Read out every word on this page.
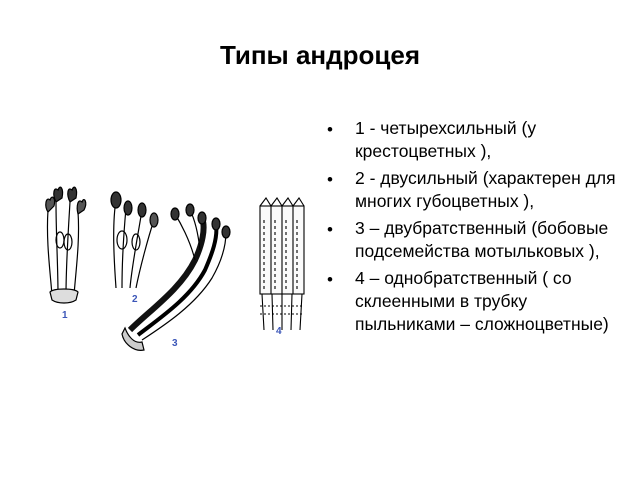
Типы андроцея
1
2
3
4
• 1 - четырехсильный (у крестоцветных ),
• 2 - двусильный (характерен для многих губоцветных ),
• 3 – двубратственный (бобовые подсемейства мотыльковых ),
• 4 – однобратственный ( со склеенными в трубку пыльниками – сложноцветные)
